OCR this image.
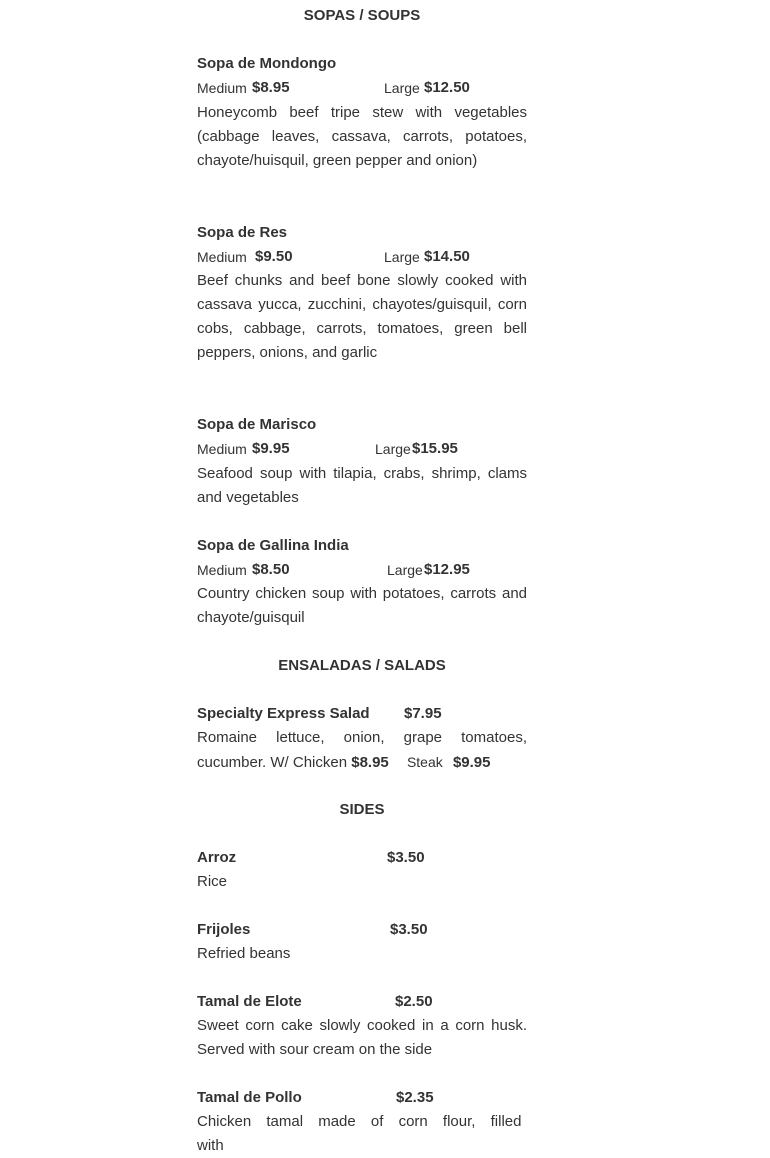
SOPAS / SOUPS
Sopa de Mondongo
Medium $8.95	Large $12.50
Honeycomb beef tripe stew with vegetables (cabbage leaves, cassava, carrots, potatoes, chayote/huisquil, green pepper and onion)
Sopa de Res
Medium $9.50	Large $14.50
Beef chunks and beef bone slowly cooked with cassava yucca, zucchini, chayotes/guisquil, corn cobs, cabbage, carrots, tomatoes, green bell peppers, onions, and garlic
Sopa de Marisco
Medium $9.95	Large $15.95
Seafood soup with tilapia, crabs, shrimp, clams and vegetables
Sopa de Gallina India
Medium $8.50	Large $12.95
Country chicken soup with potatoes, carrots and chayote/guisquil
Specialty Express Salad $7.95
Romaine lettuce, onion, grape tomatoes, cucumber. W/ Chicken $8.95 Steak $9.95
Arroz	$3.50
Rice
Frijoles	$3.50
Refried beans
Tamal de Elote	$2.50
Sweet corn cake slowly cooked in a corn husk. Served with sour cream on the side
Tamal de Pollo	$2.35
Chicken tamal made of corn flour, filled with
ENSALADAS / SALADS
SIDES
